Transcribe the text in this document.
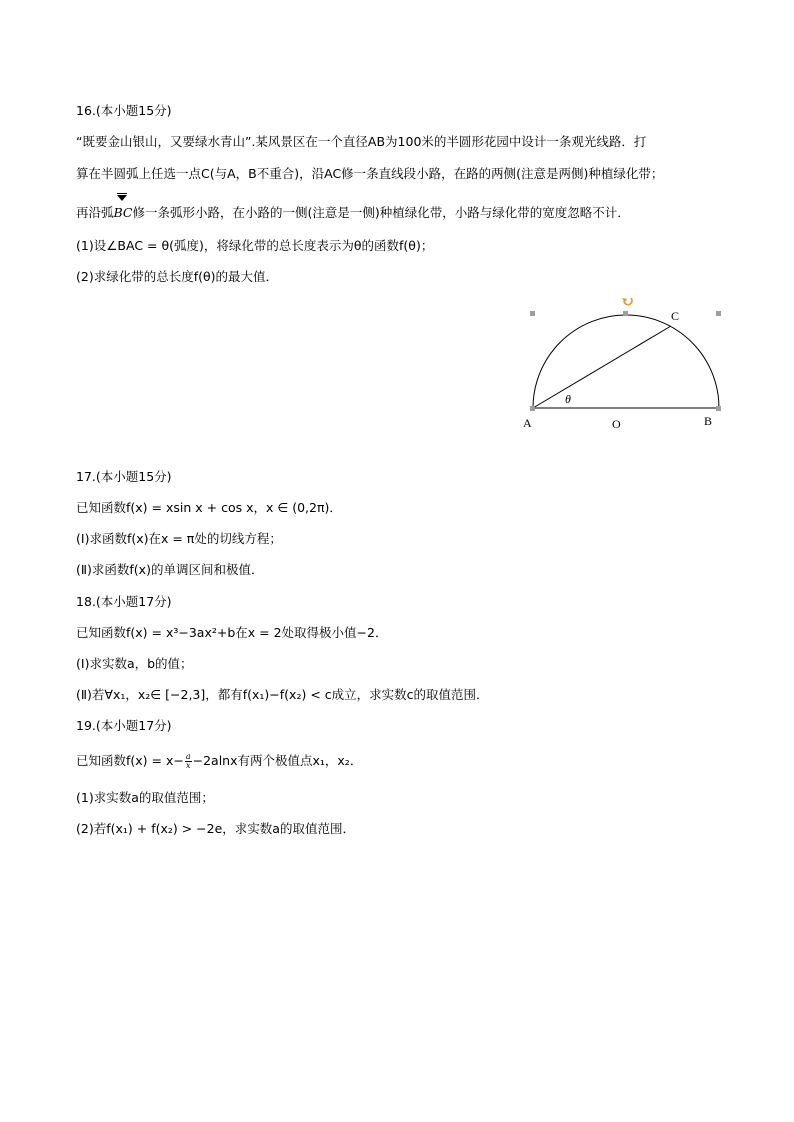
16.(本小题15分)
“既要金山银山，又要绿水青山”.某风景区在一个直径AB为100米的半圆形花园中设计一条观光线路．打
算在半圆弧上任选一点C(与A，B不重合)，沿AC修一条直线段小路，在路的两侧(注意是两侧)种植绿化带；
再沿弧
BC修一条弧形小路，在小路的一侧(注意是一侧)种植绿化带，小路与绿化带的宽度忽略不计．
(1)设∠BAC = θ(弧度)，将绿化带的总长度表示为θ的函数f(θ)；
(2)求绿化带的总长度f(θ)的最大值．
θ
A	O	B
C
17.(本小题15分)
已知函数f(x) = xsin x + cos x，x ∈ (0,2π)．
(Ⅰ)求函数f(x)在x = π处的切线方程；
(Ⅱ)求函数f(x)的单调区间和极值．
18.(本小题17分)
已知函数f(x) = x³−3ax²+b在x = 2处取得极小值−2．
(Ⅰ)求实数a，b的值；
(Ⅱ)若∀x₁，x₂∈ [−2,3]，都有f(x₁)−f(x₂) < c成立，求实数c的取值范围．
19.(本小题17分)
已知函数$f(x) = x- \frac{a}{x} -2alnx$有两个极值点x₁，x₂．
(1)求实数a的取值范围；
(2)若f(x₁) + f(x₂) > −2e，求实数a的取值范围．
